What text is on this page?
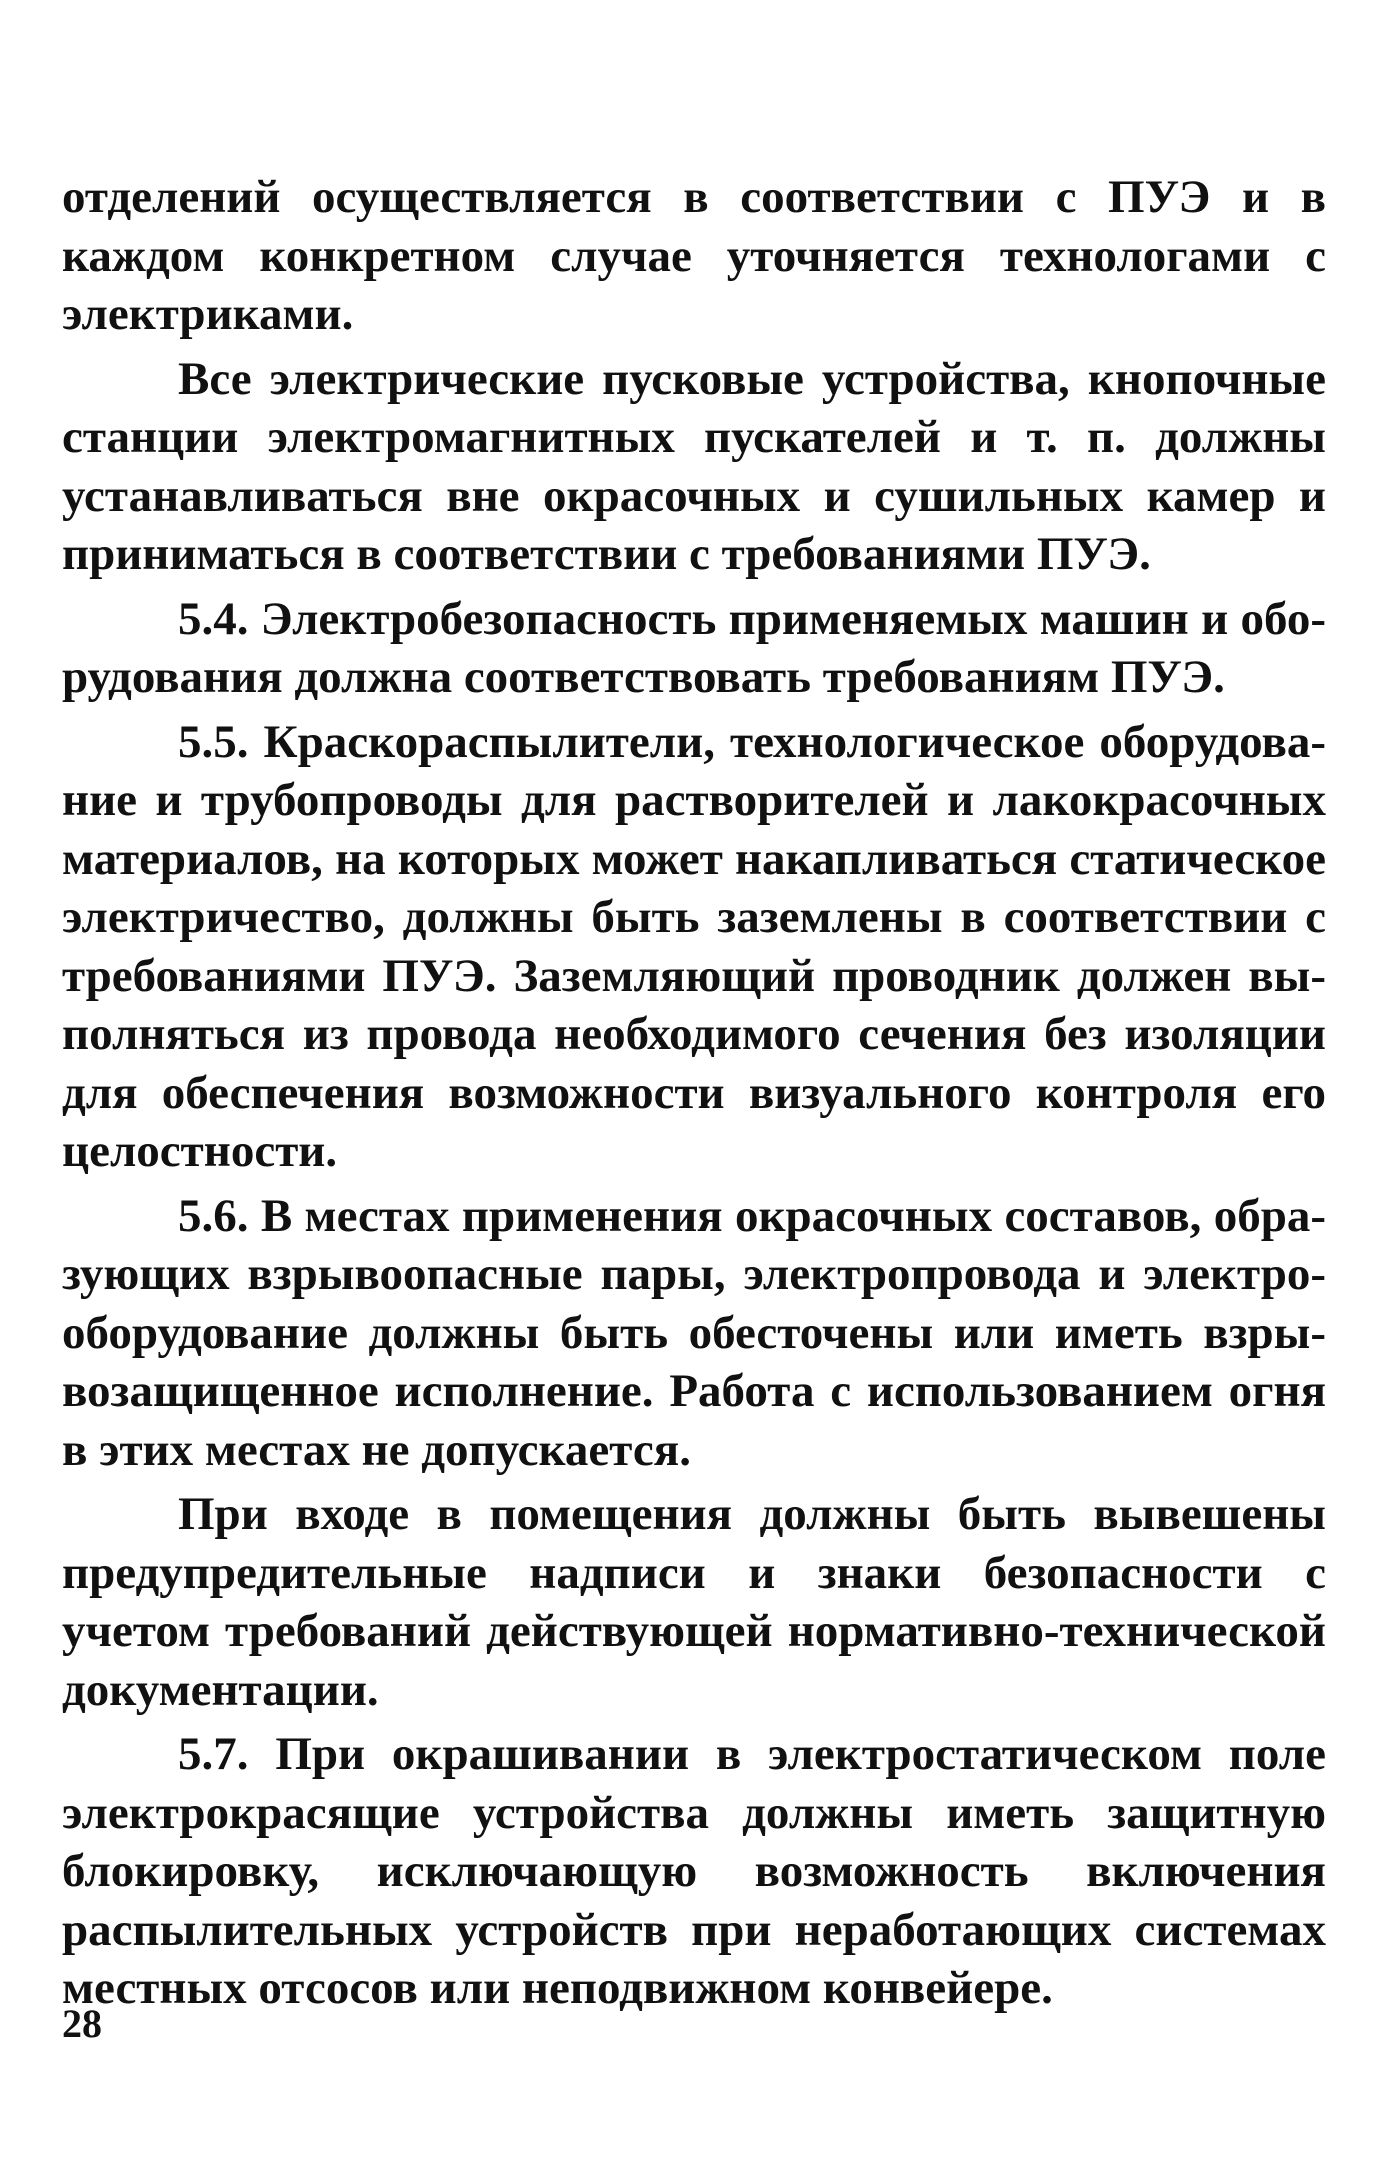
отделений осуществляется в соответствии с ПУЭ и в каждом конкретном случае уточняется технологами с электриками.

Все электрические пусковые устройства, кнопочные станции электромагнитных пускателей и т. п. должны устанавливаться вне окрасочных и сушильных камер и приниматься в соответствии с требованиями ПУЭ.

5.4. Электробезопасность применяемых машин и оборудования должна соответствовать требованиям ПУЭ.

5.5. Краскораспылители, технологическое оборудование и трубопроводы для растворителей и лакокрасочных материалов, на которых может накапливаться статическое электричество, должны быть заземлены в соответствии с требованиями ПУЭ. Заземляющий проводник должен выполняться из провода необходимого сечения без изоляции для обеспечения возможности визуального контроля его целостности.

5.6. В местах применения окрасочных составов, образующих взрывоопасные пары, электропровода и электрооборудование должны быть обесточены или иметь взрывозащищенное исполнение. Работа с использованием огня в этих местах не допускается.

При входе в помещения должны быть вывешены предупредительные надписи и знаки безопасности с учетом требований действующей нормативно-технической документации.

5.7. При окрашивании в электростатическом поле электрокрасящие устройства должны иметь защитную блокировку, исключающую возможность включения распылительных устройств при неработающих системах местных отсосов или неподвижном конвейере.

28
